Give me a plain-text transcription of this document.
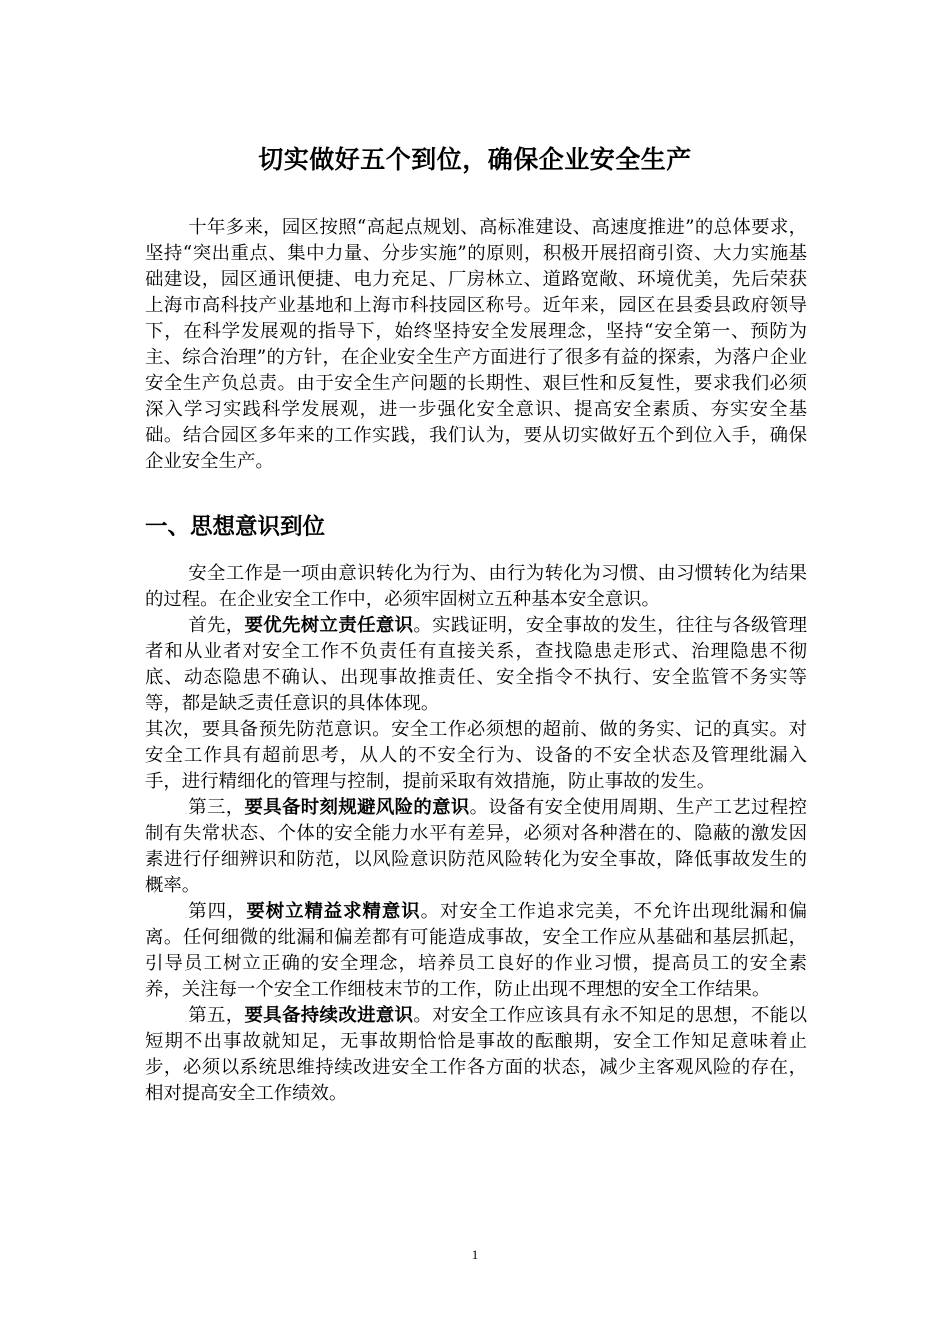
切实做好五个到位，确保企业安全生产

十年多来，园区按照“高起点规划、高标准建设、高速度推进”的总体要求，坚持“突出重点、集中力量、分步实施”的原则，积极开展招商引资、大力实施基础建设，园区通讯便捷、电力充足、厂房林立、道路宽敞、环境优美，先后荣获上海市高科技产业基地和上海市科技园区称号。近年来，园区在县委县政府领导下，在科学发展观的指导下，始终坚持安全发展理念，坚持“安全第一、预防为主、综合治理”的方针，在企业安全生产方面进行了很多有益的探索，为落户企业安全生产负总责。由于安全生产问题的长期性、艰巨性和反复性，要求我们必须深入学习实践科学发展观，进一步强化安全意识、提高安全素质、夯实安全基础。结合园区多年来的工作实践，我们认为，要从切实做好五个到位入手，确保企业安全生产。

一、思想意识到位

安全工作是一项由意识转化为行为、由行为转化为习惯、由习惯转化为结果的过程。在企业安全工作中，必须牢固树立五种基本安全意识。

首先，要优先树立责任意识。实践证明，安全事故的发生，往往与各级管理者和从业者对安全工作不负责任有直接关系，查找隐患走形式、治理隐患不彻底、动态隐患不确认、出现事故推责任、安全指令不执行、安全监管不务实等等，都是缺乏责任意识的具体体现。

其次，要具备预先防范意识。安全工作必须想的超前、做的务实、记的真实。对安全工作具有超前思考，从人的不安全行为、设备的不安全状态及管理纰漏入手，进行精细化的管理与控制，提前采取有效措施，防止事故的发生。

第三，要具备时刻规避风险的意识。设备有安全使用周期、生产工艺过程控制有失常状态、个体的安全能力水平有差异，必须对各种潜在的、隐蔽的激发因素进行仔细辨识和防范，以风险意识防范风险转化为安全事故，降低事故发生的概率。

第四，要树立精益求精意识。对安全工作追求完美，不允许出现纰漏和偏离。任何细微的纰漏和偏差都有可能造成事故，安全工作应从基础和基层抓起，引导员工树立正确的安全理念，培养员工良好的作业习惯，提高员工的安全素养，关注每一个安全工作细枝末节的工作，防止出现不理想的安全工作结果。

第五，要具备持续改进意识。对安全工作应该具有永不知足的思想，不能以短期不出事故就知足，无事故期恰恰是事故的酝酿期，安全工作知足意味着止步，必须以系统思维持续改进安全工作各方面的状态，减少主客观风险的存在，相对提高安全工作绩效。

1
